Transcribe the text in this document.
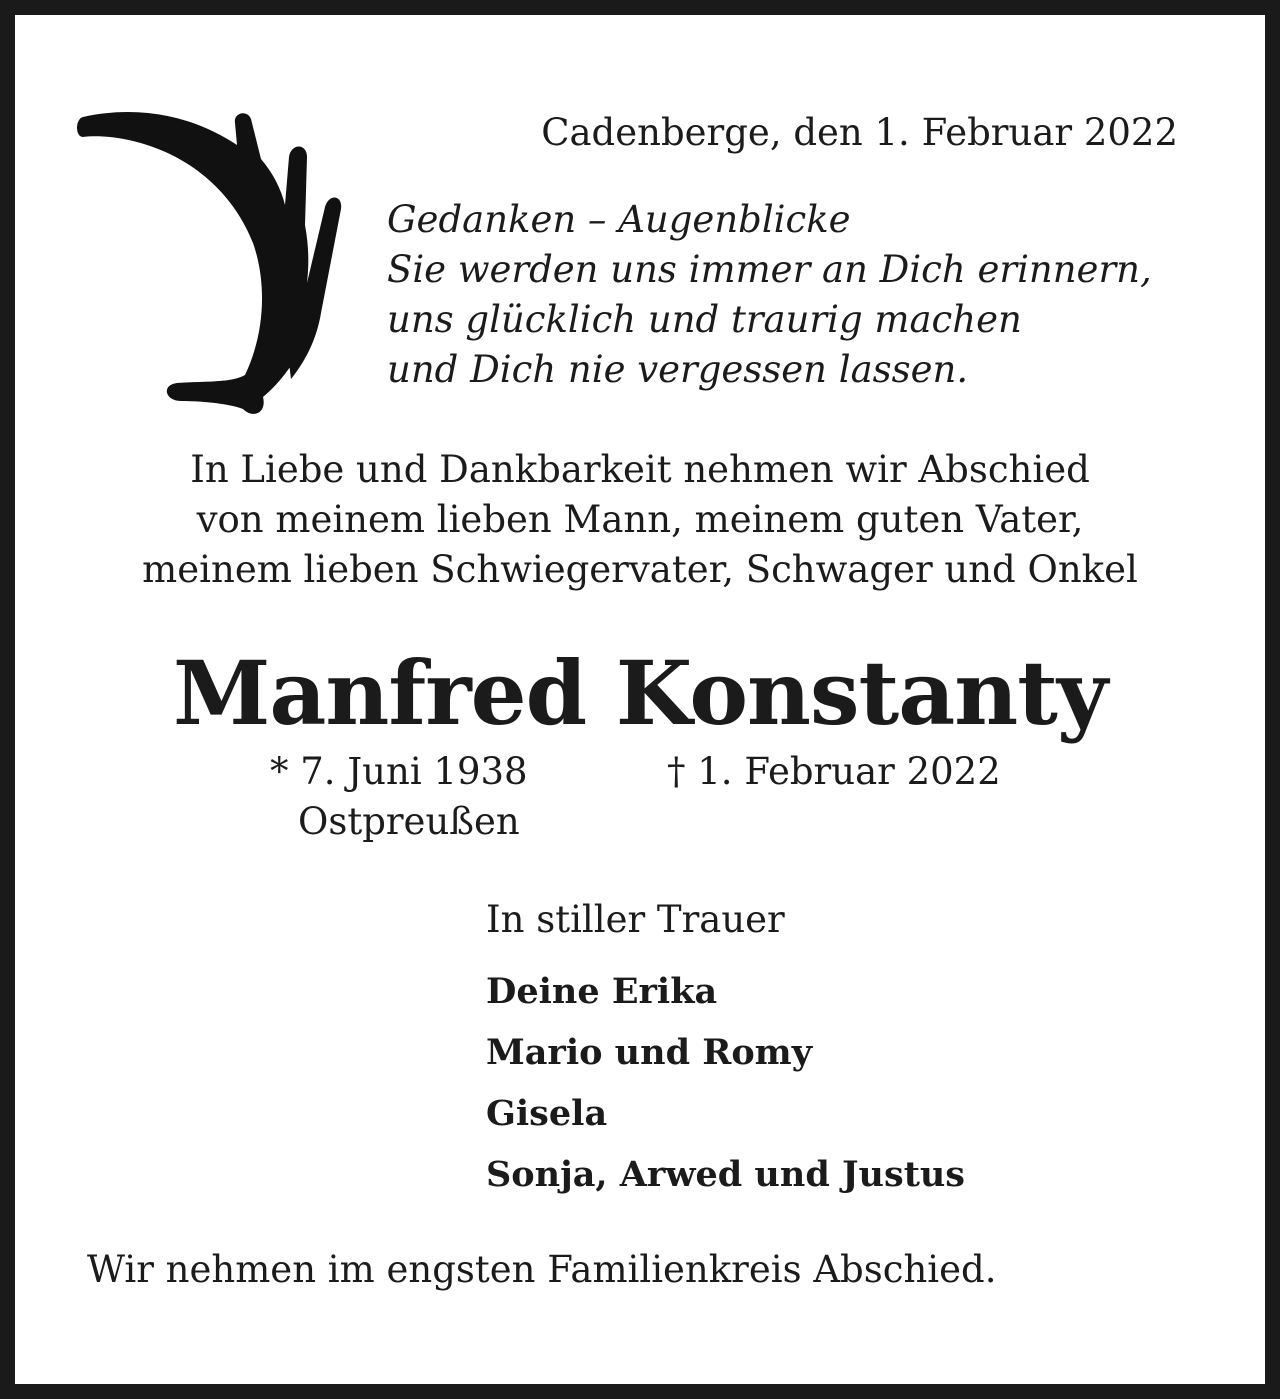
Cadenberge, den 1. Februar 2022
Gedanken – Augenblicke
Sie werden uns immer an Dich erinnern,
uns glücklich und traurig machen
und Dich nie vergessen lassen.
In Liebe und Dankbarkeit nehmen wir Abschied
von meinem lieben Mann, meinem guten Vater,
meinem lieben Schwiegervater, Schwager und Onkel
Manfred Konstanty
* 7. Juni 1938	† 1. Februar 2022
Ostpreußen
In stiller Trauer
Deine Erika
Mario und Romy
Gisela
Sonja, Arwed und Justus
Wir nehmen im engsten Familienkreis Abschied.
